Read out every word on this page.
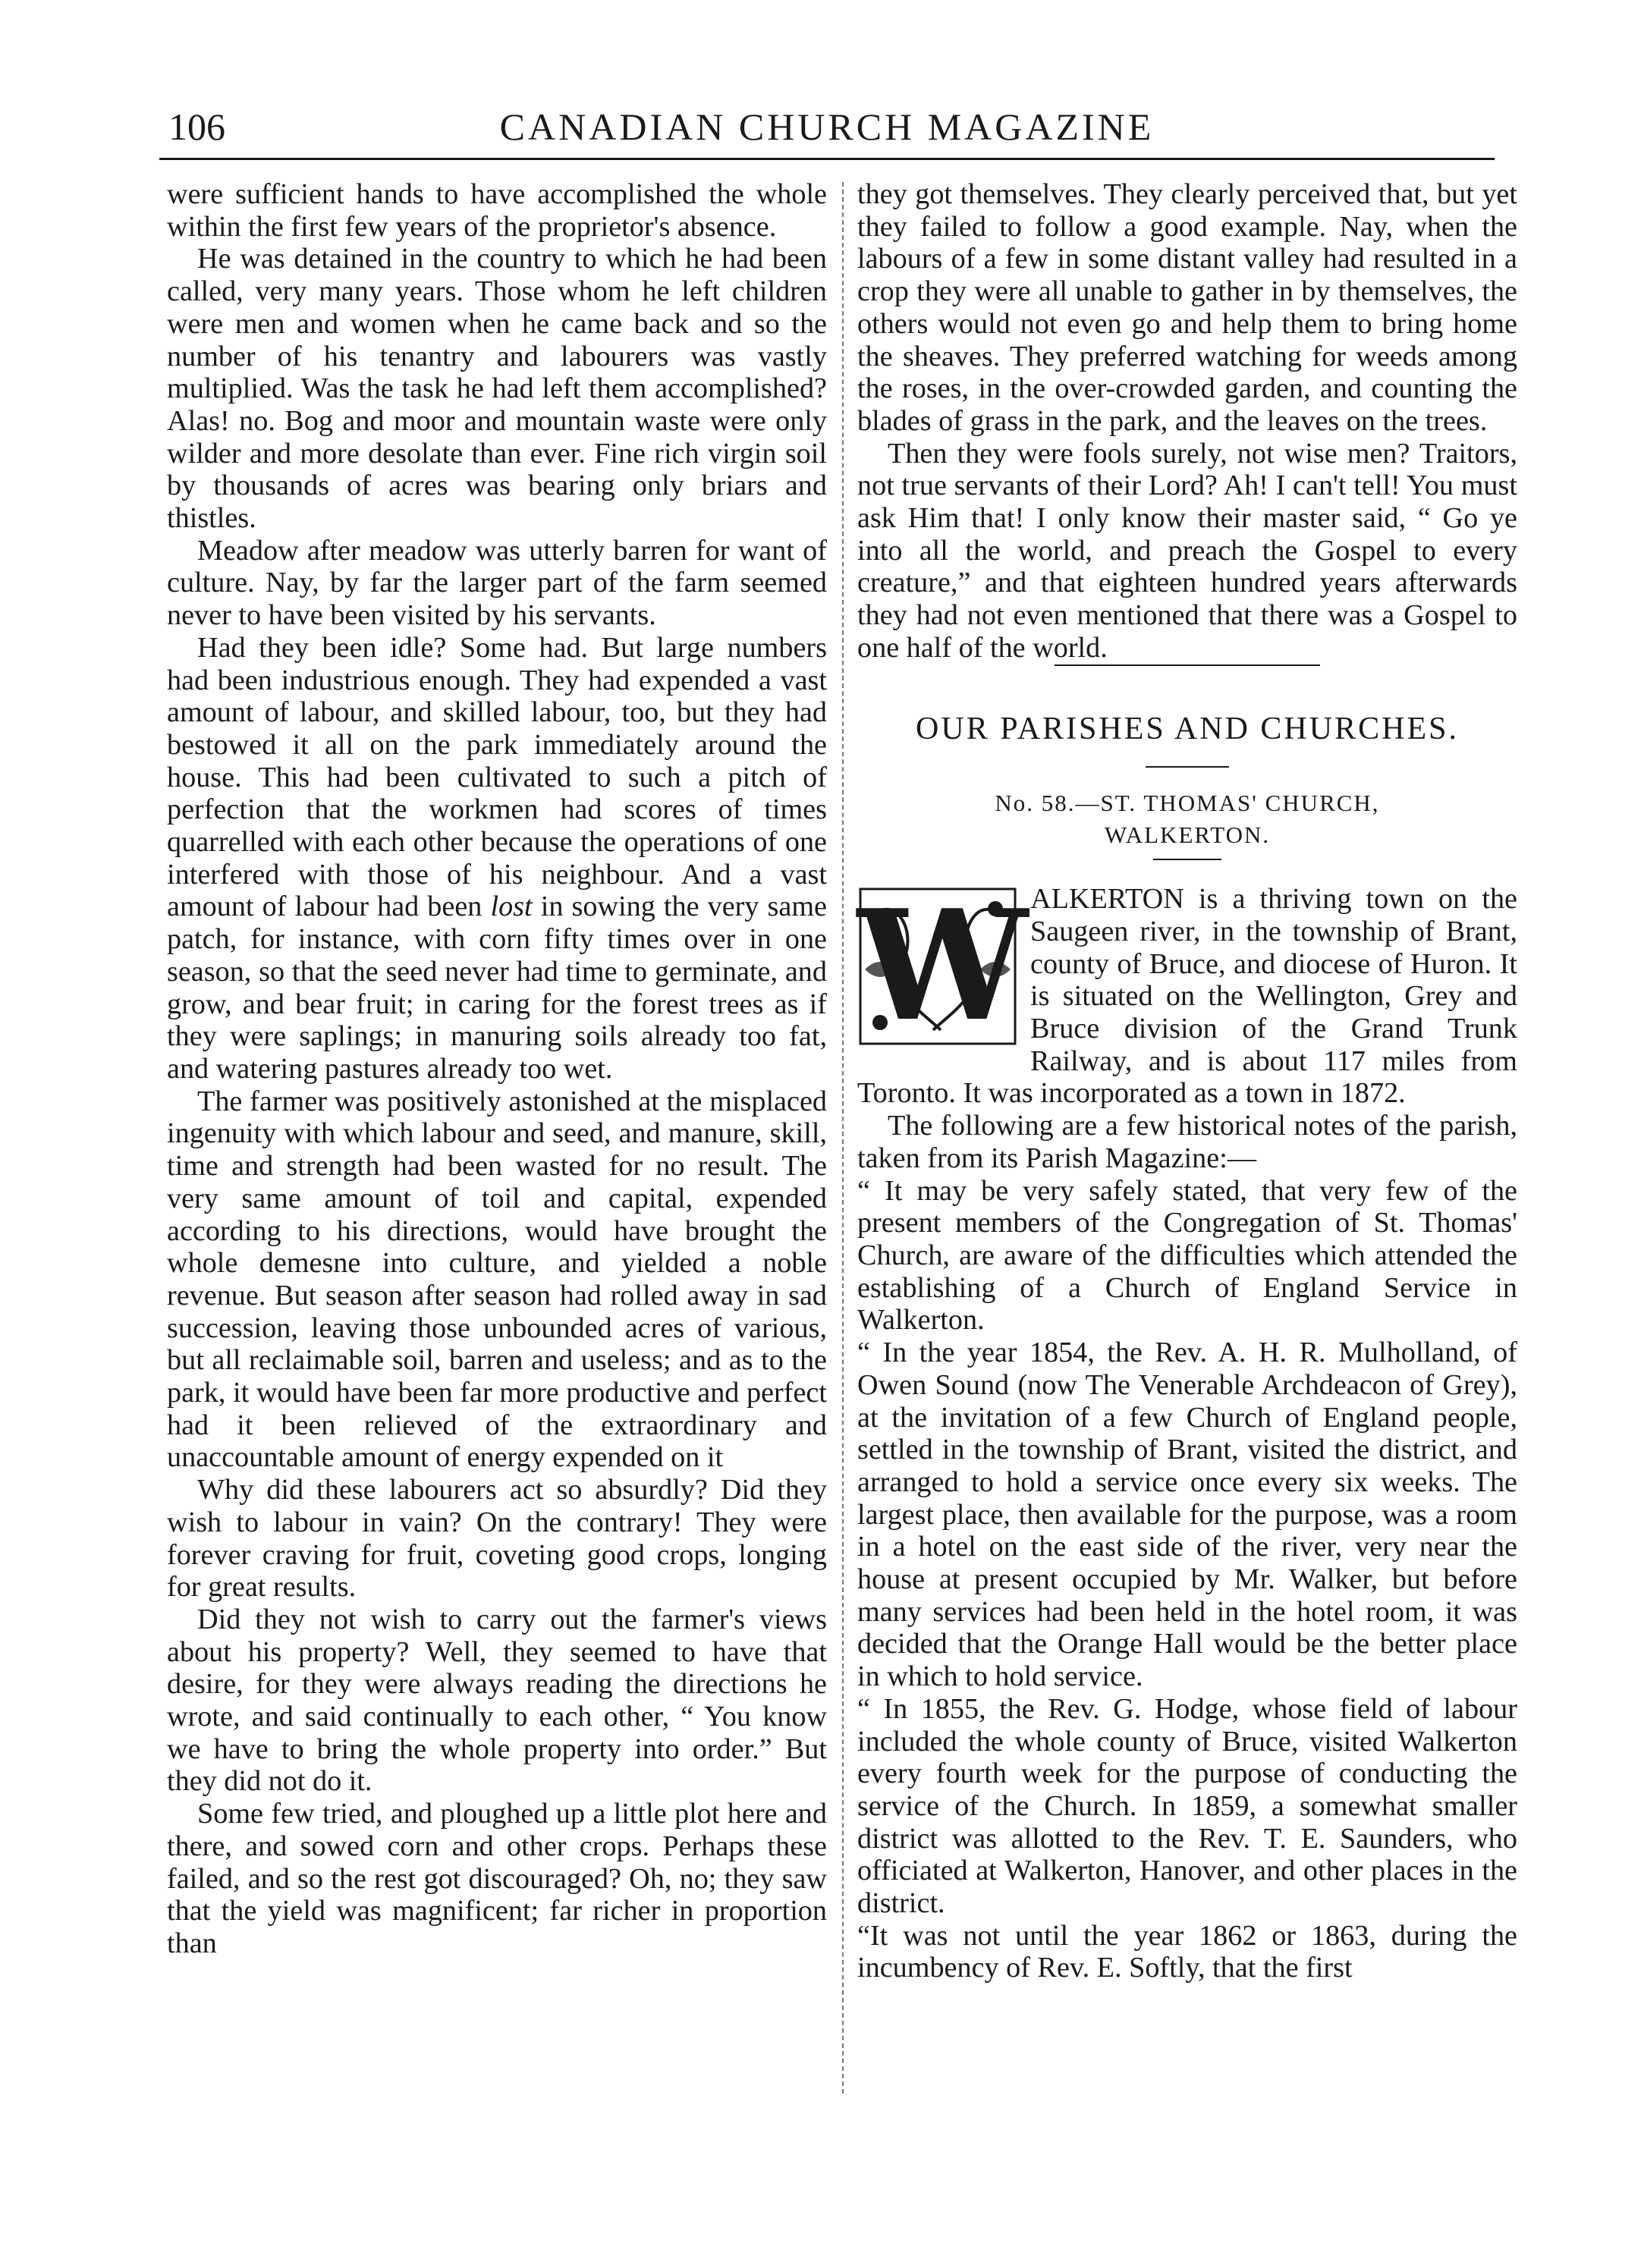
106	CANADIAN CHURCH MAGAZINE

were sufficient hands to have accomplished the whole within the first few years of the proprietor's absence.

He was detained in the country to which he had been called, very many years. Those whom he left children were men and women when he came back and so the number of his tenantry and labourers was vastly multiplied. Was the task he had left them accomplished? Alas! no. Bog and moor and mountain waste were only wilder and more desolate than ever. Fine rich virgin soil by thousands of acres was bearing only briars and thistles.

Meadow after meadow was utterly barren for want of culture. Nay, by far the larger part of the farm seemed never to have been visited by his servants.

Had they been idle? Some had. But large numbers had been industrious enough. They had expended a vast amount of labour, and skilled labour, too, but they had bestowed it all on the park immediately around the house. This had been cultivated to such a pitch of perfection that the workmen had scores of times quarrelled with each other because the operations of one interfered with those of his neighbour. And a vast amount of labour had been lost in sowing the very same patch, for instance, with corn fifty times over in one season, so that the seed never had time to germinate, and grow, and bear fruit; in caring for the forest trees as if they were saplings; in manuring soils already too fat, and watering pastures already too wet.

The farmer was positively astonished at the misplaced ingenuity with which labour and seed, and manure, skill, time and strength had been wasted for no result. The very same amount of toil and capital, expended according to his directions, would have brought the whole demesne into culture, and yielded a noble revenue. But season after season had rolled away in sad succession, leaving those unbounded acres of various, but all reclaimable soil, barren and useless; and as to the park, it would have been far more productive and perfect had it been relieved of the extraordinary and unaccountable amount of energy expended on it

Why did these labourers act so absurdly? Did they wish to labour in vain? On the contrary! They were forever craving for fruit, coveting good crops, longing for great results.

Did they not wish to carry out the farmer's views about his property? Well, they seemed to have that desire, for they were always reading the directions he wrote, and said continually to each other, “ You know we have to bring the whole property into order.” But they did not do it.

Some few tried, and ploughed up a little plot here and there, and sowed corn and other crops. Perhaps these failed, and so the rest got discouraged? Oh, no; they saw that the yield was magnificent; far richer in proportion than

they got themselves. They clearly perceived that, but yet they failed to follow a good example. Nay, when the labours of a few in some distant valley had resulted in a crop they were all unable to gather in by themselves, the others would not even go and help them to bring home the sheaves. They preferred watching for weeds among the roses, in the over-crowded garden, and counting the blades of grass in the park, and the leaves on the trees.

Then they were fools surely, not wise men? Traitors, not true servants of their Lord? Ah! I can't tell! You must ask Him that! I only know their master said, “ Go ye into all the world, and preach the Gospel to every creature,” and that eighteen hundred years afterwards they had not even mentioned that there was a Gospel to one half of the world.

OUR PARISHES AND CHURCHES.
No. 58.—ST. THOMAS' CHURCH,
WALKERTON.

W ALKERTON is a thriving town on the Saugeen river, in the township of Brant, county of Bruce, and diocese of Huron. It is situated on the Wellington, Grey and Bruce division of the Grand Trunk Railway, and is about 117 miles from Toronto. It was incorporated as a town in 1872.

The following are a few historical notes of the parish, taken from its Parish Magazine:—

“ It may be very safely stated, that very few of the present members of the Congregation of St. Thomas' Church, are aware of the difficulties which attended the establishing of a Church of England Service in Walkerton.

“ In the year 1854, the Rev. A. H. R. Mulholland, of Owen Sound (now The Venerable Archdeacon of Grey), at the invitation of a few Church of England people, settled in the township of Brant, visited the district, and arranged to hold a service once every six weeks. The largest place, then available for the purpose, was a room in a hotel on the east side of the river, very near the house at present occupied by Mr. Walker, but before many services had been held in the hotel room, it was decided that the Orange Hall would be the better place in which to hold service.

“ In 1855, the Rev. G. Hodge, whose field of labour included the whole county of Bruce, visited Walkerton every fourth week for the purpose of conducting the service of the Church. In 1859, a somewhat smaller district was allotted to the Rev. T. E. Saunders, who officiated at Walkerton, Hanover, and other places in the district.

“It was not until the year 1862 or 1863, during the incumbency of Rev. E. Softly, that the first
